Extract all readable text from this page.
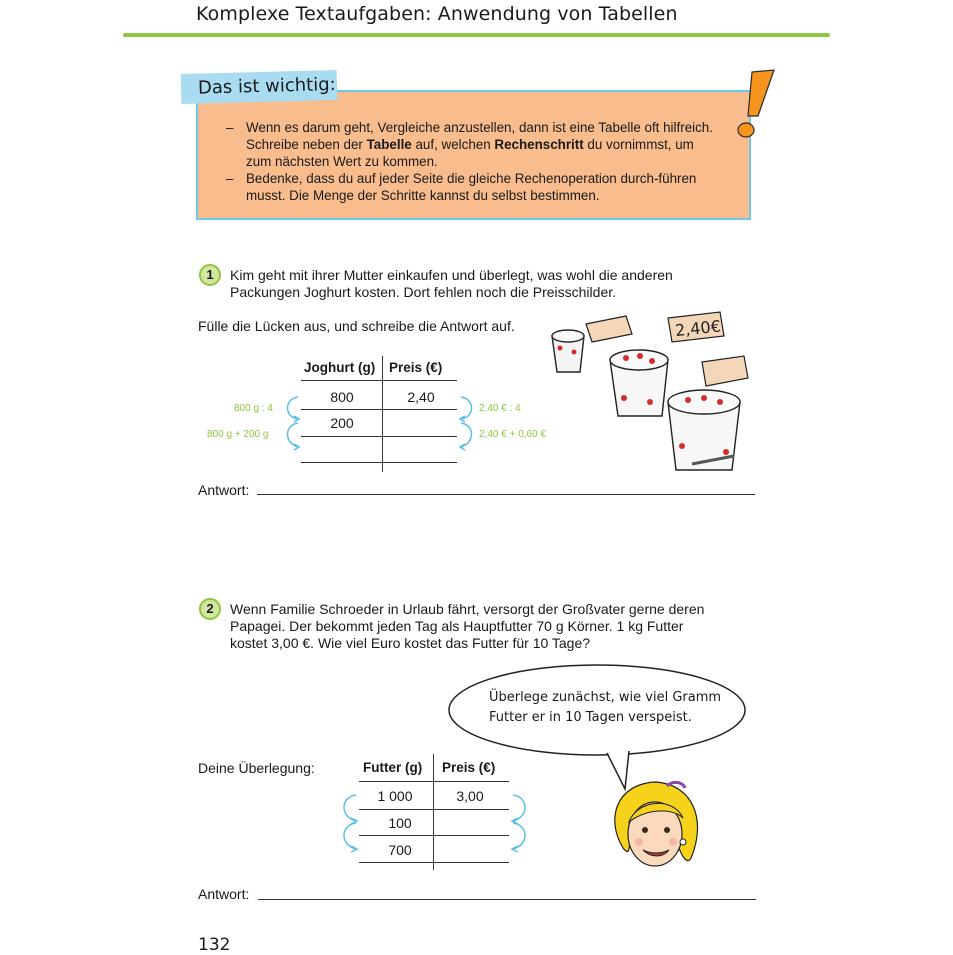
Komplexe Textaufgaben: Anwendung von Tabellen
Das ist wichtig:
– Wenn es darum geht, Vergleiche anzustellen, dann ist eine Tabelle oft hilfreich. Schreibe neben der Tabelle auf, welchen Rechenschritt du vornimmst, um zum nächsten Wert zu kommen.
– Bedenke, dass du auf jeder Seite die gleiche Rechenoperation durch-führen musst. Die Menge der Schritte kannst du selbst bestimmen.
1	Kim geht mit ihrer Mutter einkaufen und überlegt, was wohl die anderen
Packungen Joghurt kosten. Dort fehlen noch die Preisschilder.
Fülle die Lücken aus, und schreibe die Antwort auf.
Joghurt (g) Preis (€)
800	2,40
200
800 g : 4
800 g + 200 g
2,40 € : 4
2,40 € + 0,60 €
2,40€
Antwort:
2	Wenn Familie Schroeder in Urlaub fährt, versorgt der Großvater gerne deren
Papagei. Der bekommt jeden Tag als Hauptfutter 70 g Körner. 1 kg Futter
kostet 3,00 €. Wie viel Euro kostet das Futter für 10 Tage?
Überlege zunächst, wie viel Gramm
Futter er in 10 Tagen verspeist.
Deine Überlegung:	Futter (g) Preis (€)
1 000	3,00
100
700
Antwort:
132
